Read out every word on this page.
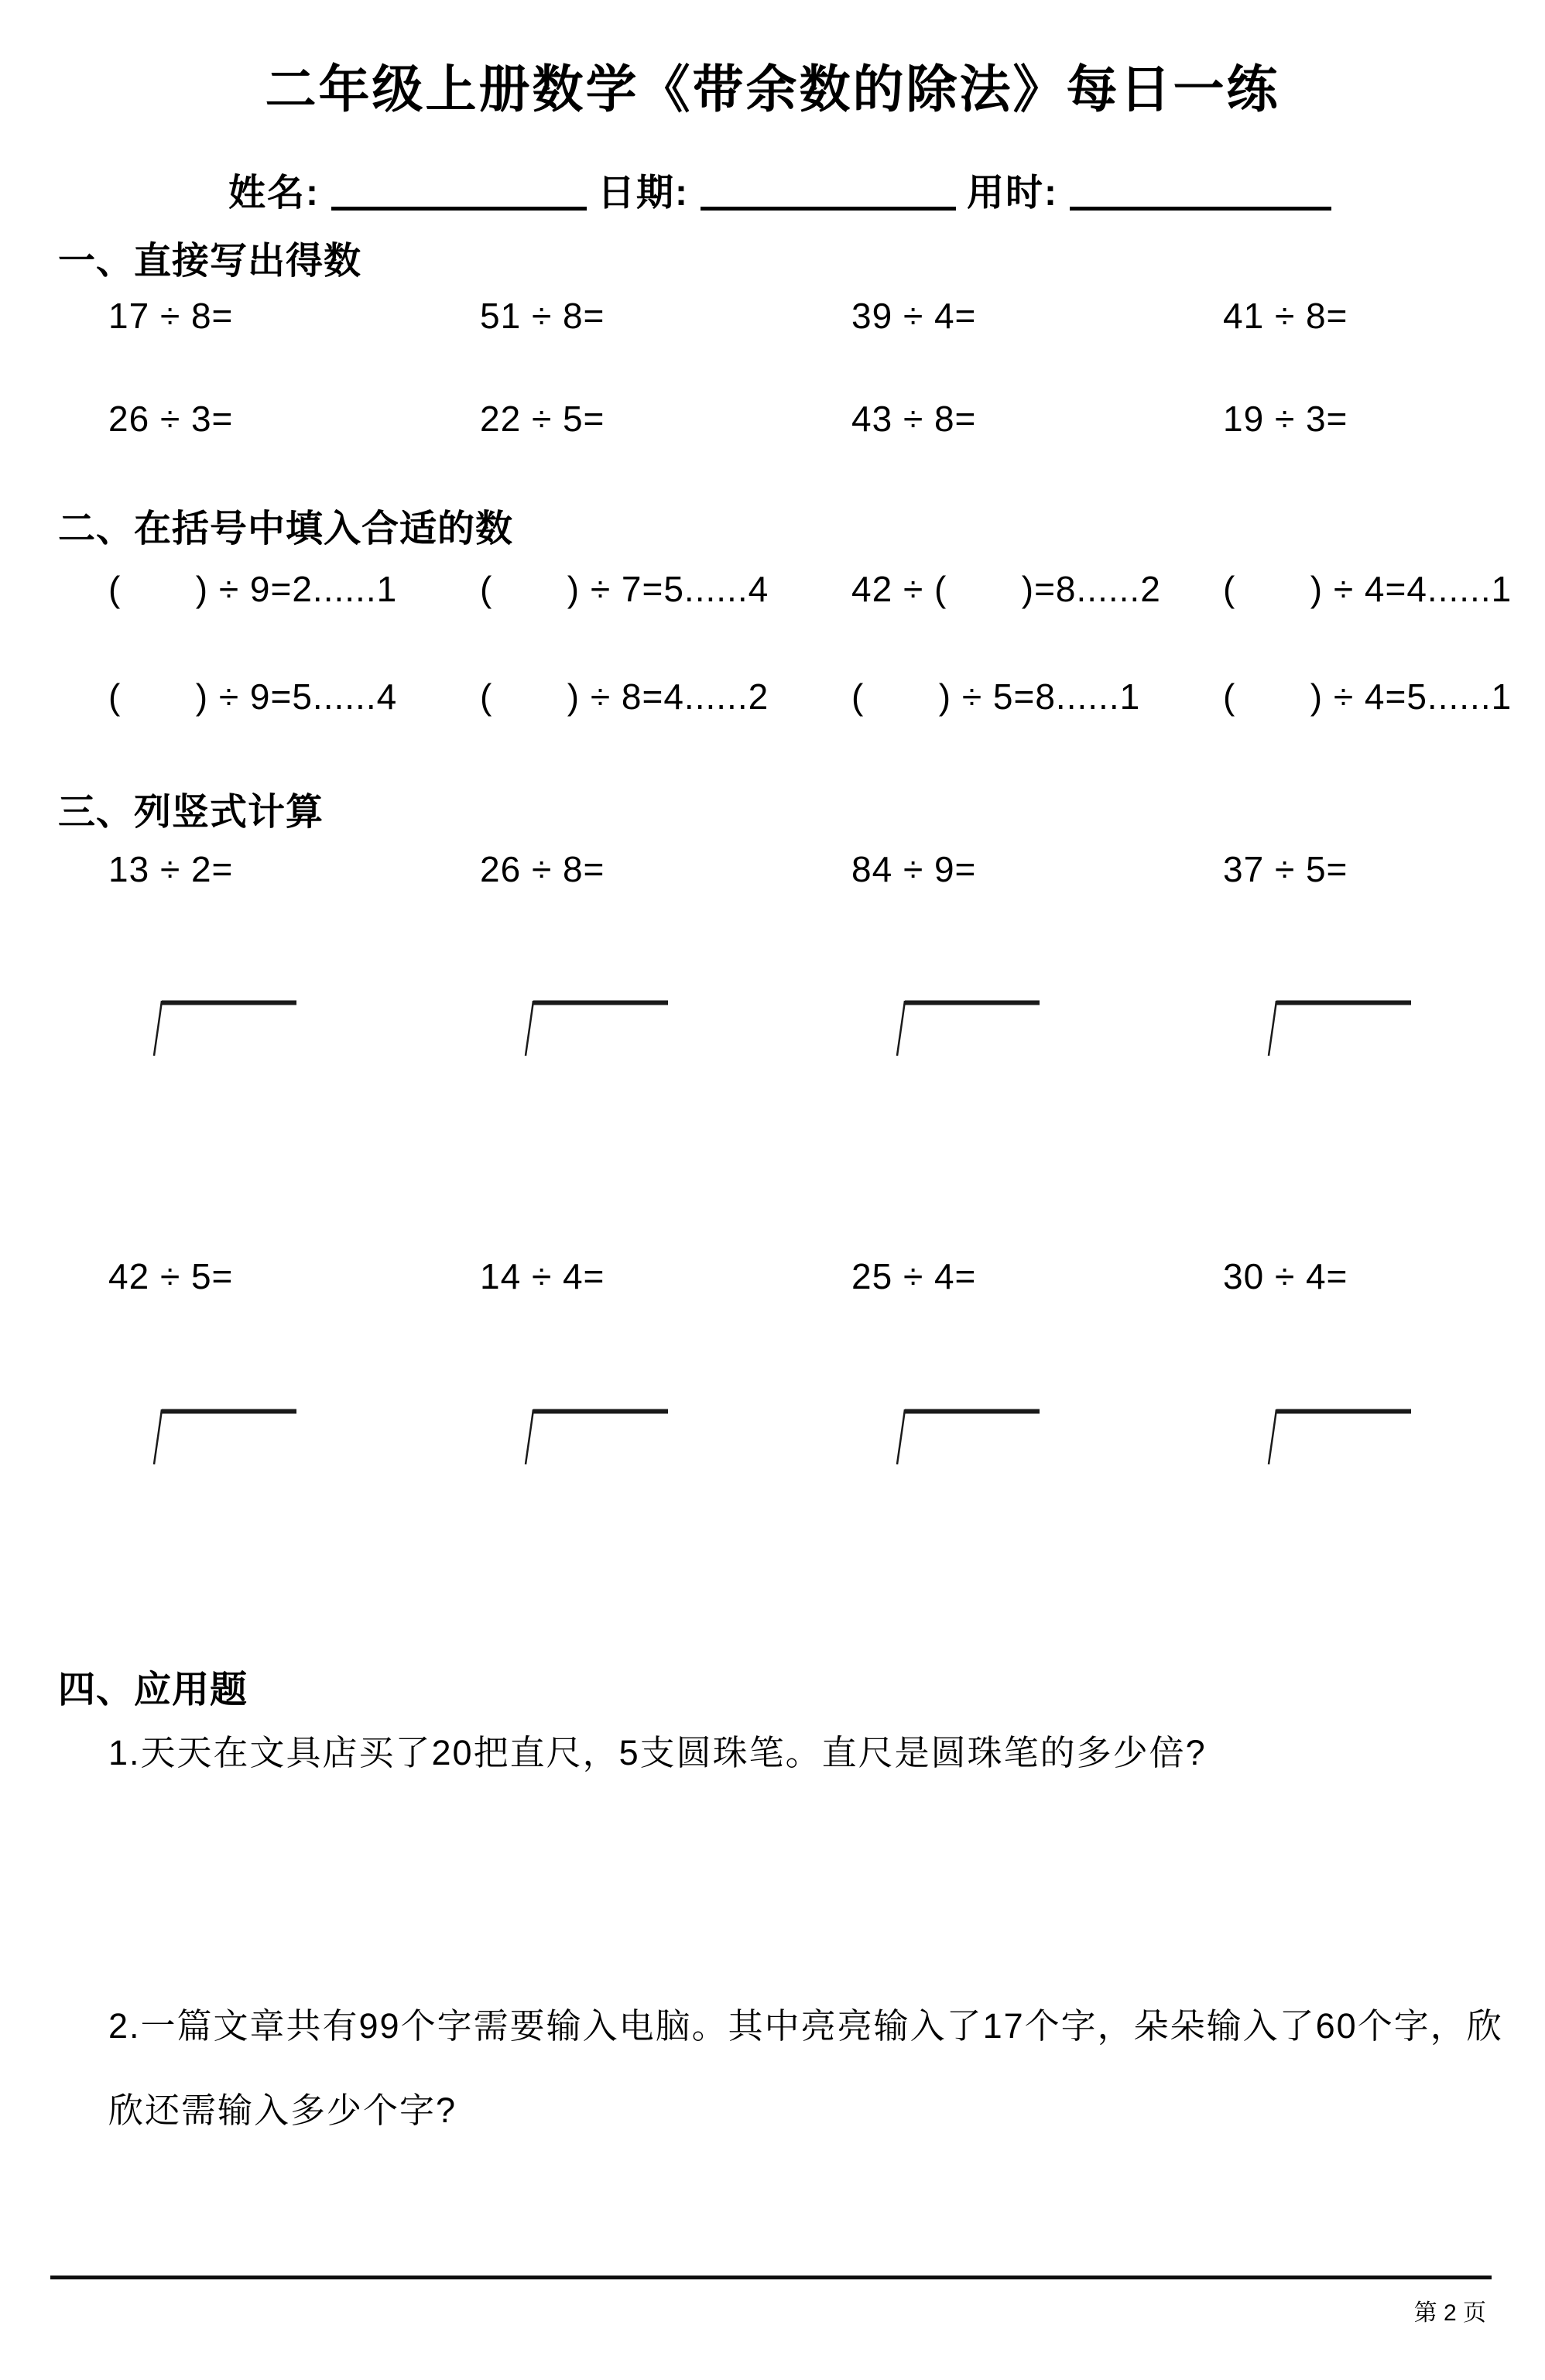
二年级上册数学《带余数的除法》每日一练
姓名:	日期:	用时:
一、直接写出得数
17 ÷ 8=	51 ÷ 8=	39 ÷ 4=	41 ÷ 8=
26 ÷ 3=	22 ÷ 5=	43 ÷ 8=	19 ÷ 3=
二、在括号中填入合适的数
(       ) ÷ 9=2......1 (       ) ÷ 7=5......4 42 ÷ (       )=8......2 (       ) ÷ 4=4......1
(       ) ÷ 9=5......4 (       ) ÷ 8=4......2 (       ) ÷ 5=8......1 (       ) ÷ 4=5......1
三、列竖式计算
13 ÷ 2=	26 ÷ 8=	84 ÷ 9=	37 ÷ 5=
42 ÷ 5=	14 ÷ 4=	25 ÷ 4=	30 ÷ 4=
四、应用题
1.天天在文具店买了20把直尺，5支圆珠笔。直尺是圆珠笔的多少倍?
2.一篇文章共有99个字需要输入电脑。其中亮亮输入了17个字，朵朵输入了60个字，欣
欣还需输入多少个字?
第 2 页
